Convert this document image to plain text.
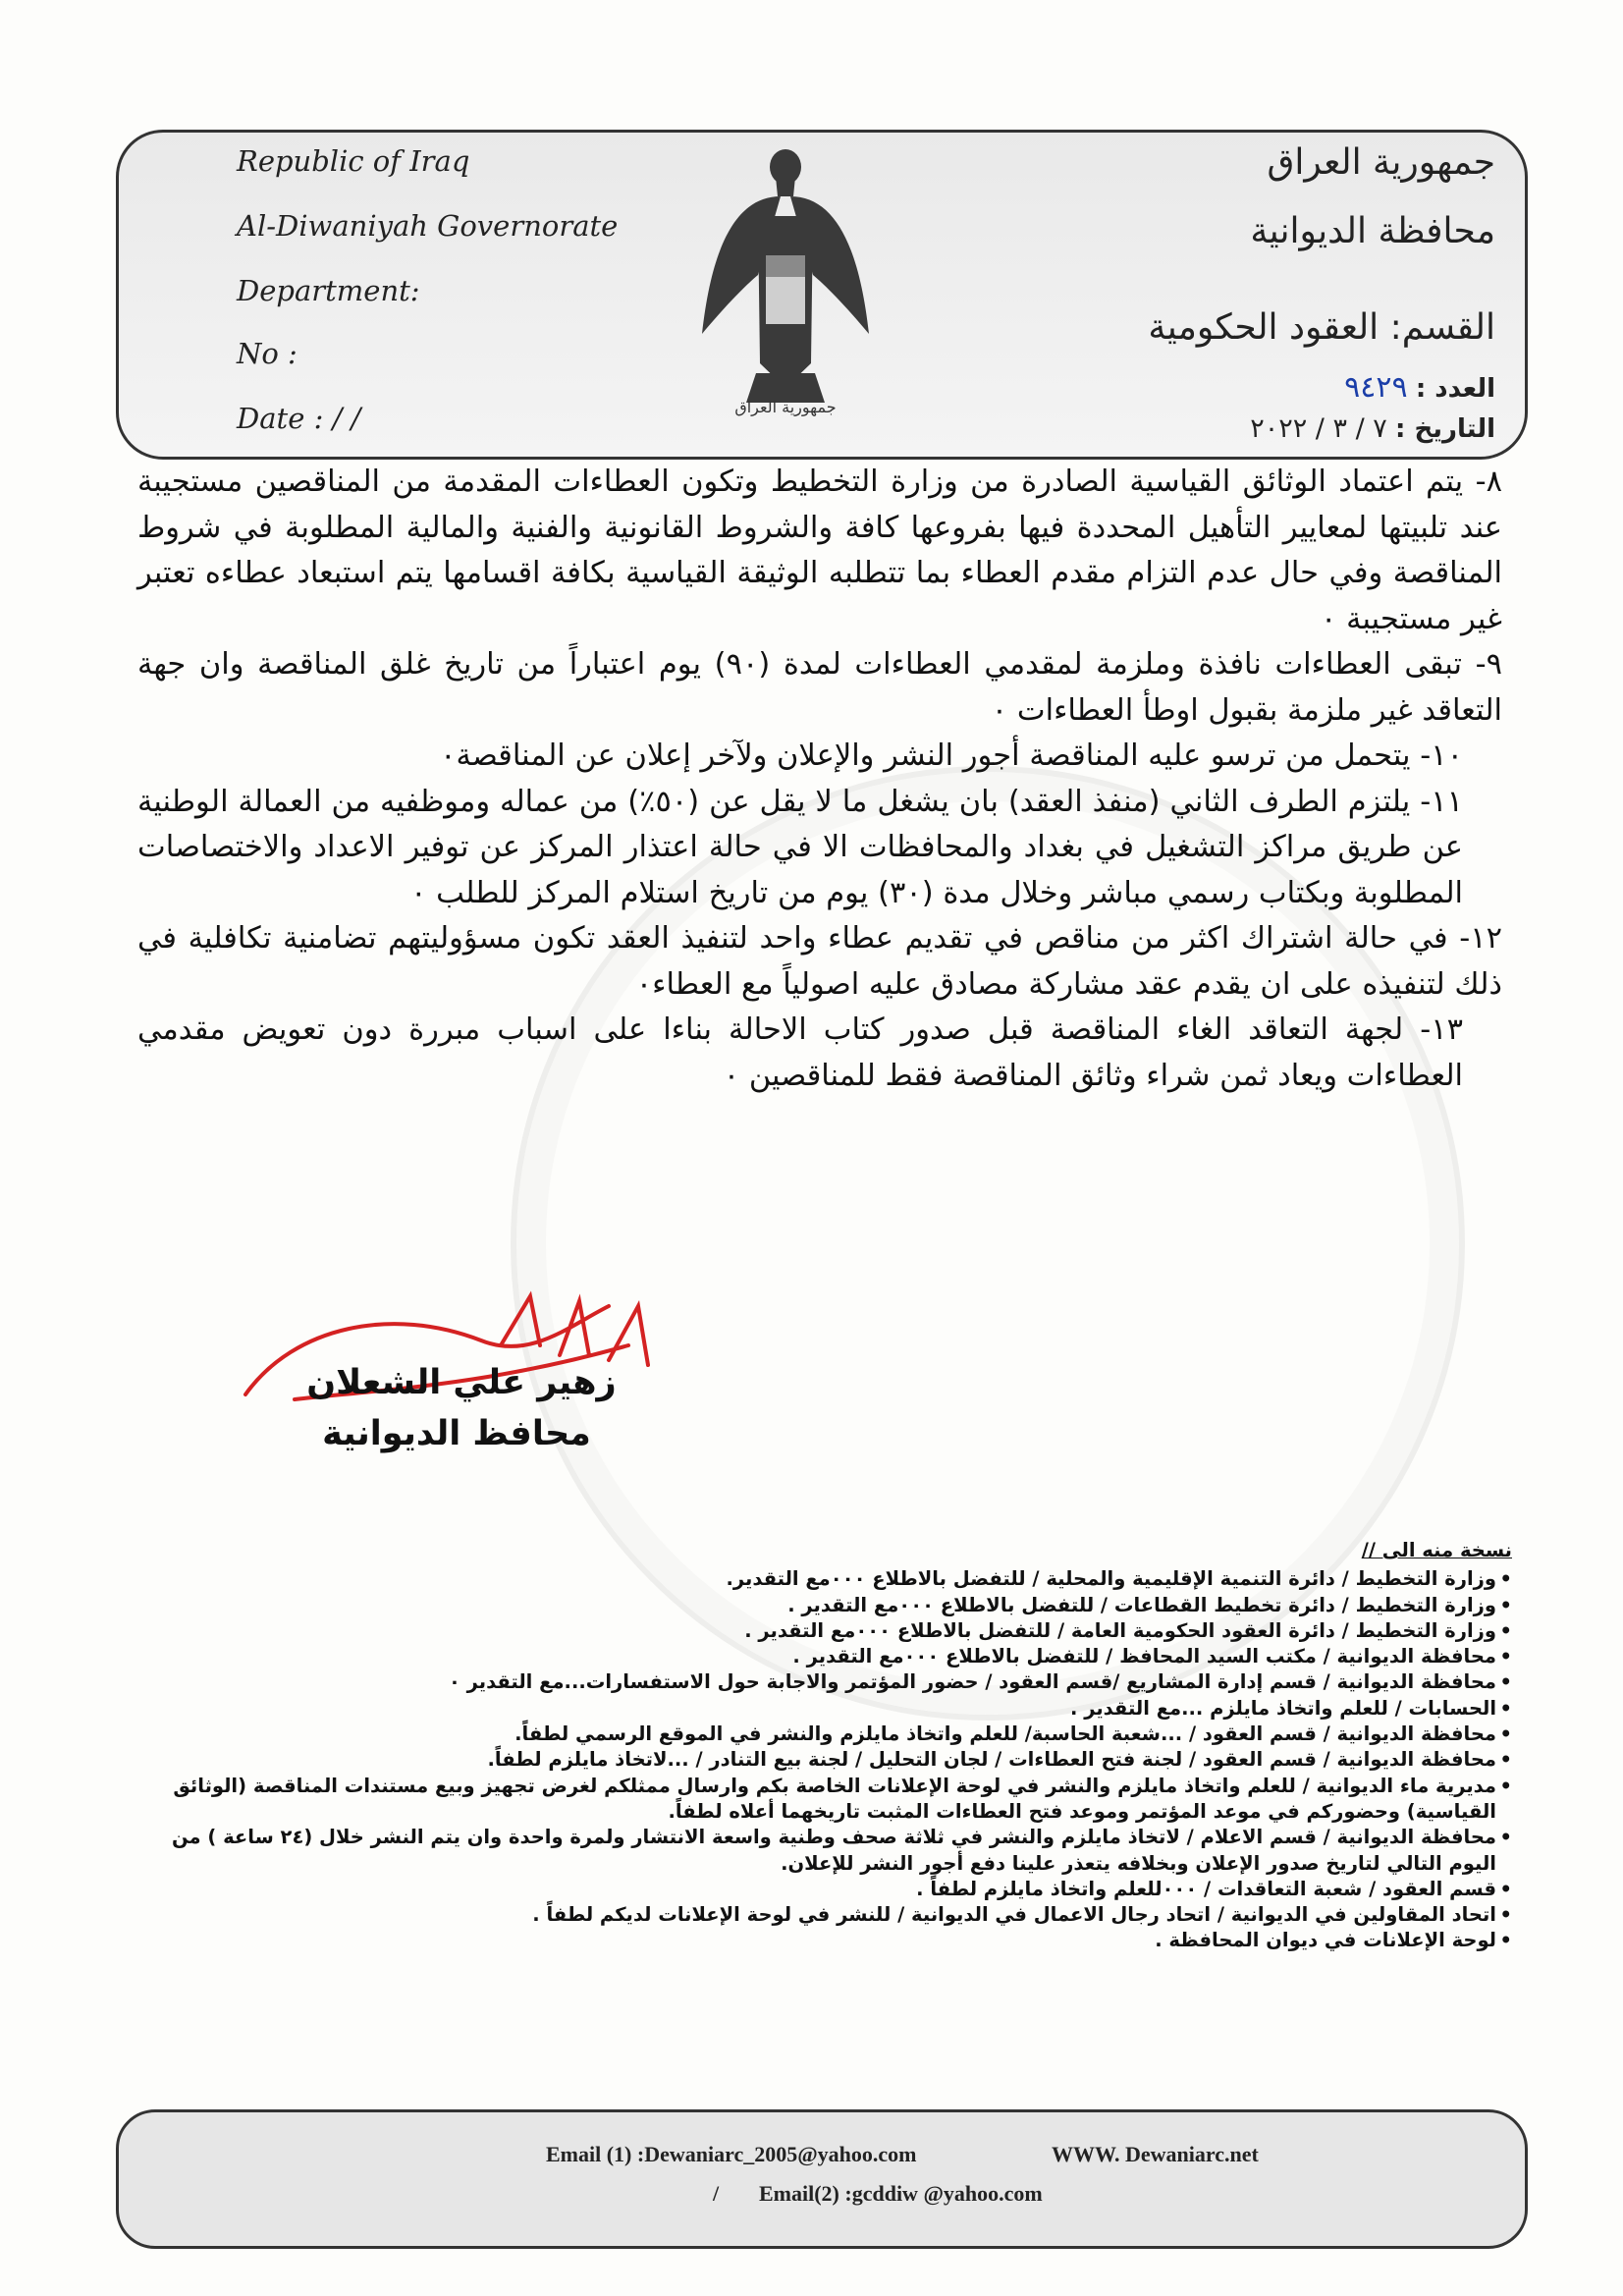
Republic of Iraq
Al-Diwaniyah Governorate
Department:
No :
Date : / /
جمهورية العراق
محافظة الديوانية
القسم: العقود الحكومية
العدد : ٩٤٢٩
التاريخ : ٧ / ٣ / ٢٠٢٢
جمهورية العراق

٨- يتم اعتماد الوثائق القياسية الصادرة من وزارة التخطيط وتكون العطاءات المقدمة من المناقصين مستجيبة عند تلبيتها لمعايير التأهيل المحددة فيها بفروعها كافة والشروط القانونية والفنية والمالية المطلوبة في شروط المناقصة وفي حال عدم التزام مقدم العطاء بما تتطلبه الوثيقة القياسية بكافة اقسامها يتم استبعاد عطاءه تعتبر غير مستجيبة ٠

٩- تبقى العطاءات نافذة وملزمة لمقدمي العطاءات لمدة (٩٠) يوم اعتباراً من تاريخ غلق المناقصة وان جهة التعاقد غير ملزمة بقبول اوطأ العطاءات ٠

١٠- يتحمل من ترسو عليه المناقصة أجور النشر والإعلان ولآخر إعلان عن المناقصة٠

١١- يلتزم الطرف الثاني (منفذ العقد) بان يشغل ما لا يقل عن (٥٠٪) من عماله وموظفيه من العمالة الوطنية عن طريق مراكز التشغيل في بغداد والمحافظات الا في حالة اعتذار المركز عن توفير الاعداد والاختصاصات المطلوبة وبكتاب رسمي مباشر وخلال مدة (٣٠) يوم من تاريخ استلام المركز للطلب ٠

١٢- في حالة اشتراك اكثر من مناقص في تقديم عطاء واحد لتنفيذ العقد تكون مسؤوليتهم تضامنية تكافلية في ذلك لتنفيذه على ان يقدم عقد مشاركة مصادق عليه اصولياً مع العطاء٠

١٣- لجهة التعاقد الغاء المناقصة قبل صدور كتاب الاحالة بناءا على اسباب مبررة دون تعويض مقدمي العطاءات ويعاد ثمن شراء وثائق المناقصة فقط للمناقصين ٠

زهير علي الشعلان
محافظ الديوانية
نسخة منه الى //
• وزارة التخطيط / دائرة التنمية الإقليمية والمحلية / للتفضل بالاطلاع ٠٠٠مع التقدير.
• وزارة التخطيط / دائرة تخطيط القطاعات / للتفضل بالاطلاع ٠٠٠مع التقدير .
• وزارة التخطيط / دائرة العقود الحكومية العامة / للتفضل بالاطلاع ٠٠٠مع التقدير .
• محافظة الديوانية / مكتب السيد المحافظ / للتفضل بالاطلاع ٠٠٠مع التقدير .
• محافظة الديوانية / قسم إدارة المشاريع /قسم العقود / حضور المؤتمر والاجابة حول الاستفسارات...مع التقدير ٠
• الحسابات / للعلم واتخاذ مايلزم ...مع التقدير .
• محافظة الديوانية / قسم العقود / ...شعبة الحاسبة/ للعلم واتخاذ مايلزم والنشر في الموقع الرسمي لطفاً.
• محافظة الديوانية / قسم العقود / لجنة فتح العطاءات / لجان التحليل / لجنة بيع التنادر / ...لاتخاذ مايلزم لطفاً.
• مديرية ماء الديوانية / للعلم واتخاذ مايلزم والنشر في لوحة الإعلانات الخاصة بكم وارسال ممثلكم لغرض تجهيز وبيع مستندات المناقصة (الوثائق القياسية) وحضوركم في موعد المؤتمر وموعد فتح العطاءات المثبت تاريخهما أعلاه لطفاً.
• محافظة الديوانية / قسم الاعلام / لاتخاذ مايلزم والنشر في ثلاثة صحف وطنية واسعة الانتشار ولمرة واحدة وان يتم النشر خلال (٢٤ ساعة ) من اليوم التالي لتاريخ صدور الإعلان وبخلافه يتعذر علينا دفع أجور النشر للإعلان.
• قسم العقود / شعبة التعاقدات / ٠٠٠للعلم واتخاذ مايلزم لطفاً .
• اتحاد المقاولين في الديوانية / اتحاد رجال الاعمال في الديوانية / للنشر في لوحة الإعلانات لديكم لطفاً .
• لوحة الإعلانات في ديوان المحافظة .
Email (1) :Dewaniarc_2005@yahoo.com	WWW. Dewaniarc.net
/ Email(2) :gcddiw @yahoo.com
